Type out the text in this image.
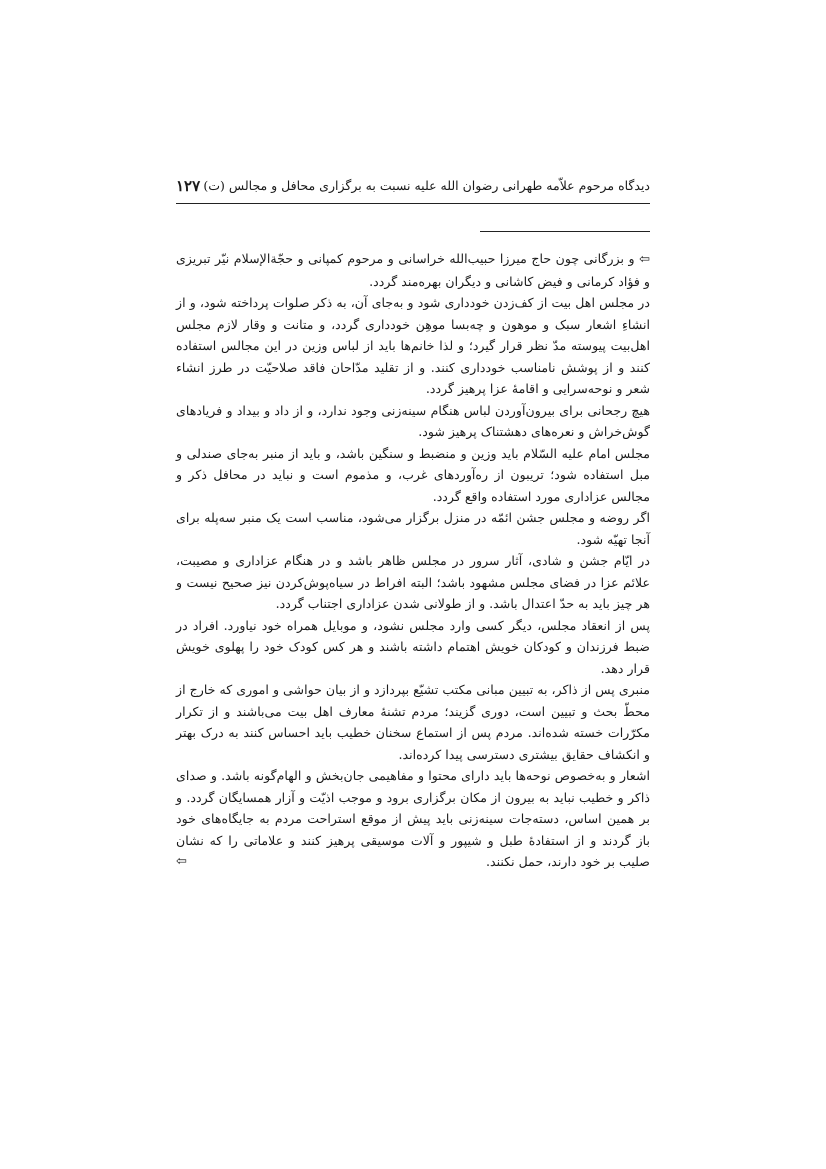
۱۲۷ دیدگاه مرحوم علاّمه طهرانی رضوان الله علیه نسبت به برگزاری محافل و مجالس (ت)

⇦ و بزرگانی چون حاج میرزا حبیب‌الله خراسانی و مرحوم کمپانی و حجّة‌الإسلام نیّر تبریزی و فؤاد کرمانی و فیض کاشانی و دیگران بهره‌مند گردد.

در مجلس اهل بیت از کف‌زدن خودداری شود و به‌جای آن، به ذکر صلوات پرداخته شود، و از انشاءِ اشعار سبک و موهون و چه‌بسا موهِن خودداری گردد، و متانت و وقار لازم مجلس اهل‌بیت پیوسته مدّ نظر قرار گیرد؛ و لذا خانم‌ها باید از لباس وزین در این مجالس استفاده کنند و از پوشش نامناسب خودداری کنند. و از تقلید مدّاحان فاقد صلاحیّت در طرز انشاء شعر و نوحه‌سرایی و اقامهٔ عزا پرهیز گردد.

هیچ رجحانی برای بیرون‌آوردن لباس هنگام سینه‌زنی وجود ندارد، و از داد و بیداد و فریادهای گوش‌خراش و نعره‌های دهشتناک پرهیز شود.

مجلس امام علیه السّلام باید وزین و منضبط و سنگین باشد، و باید از منبر به‌جای صندلی و مبل استفاده شود؛ تریبون از ره‌آوردهای غرب، و مذموم است و نباید در محافل ذکر و مجالس عزاداری مورد استفاده واقع گردد.

اگر روضه و مجلس جشن ائمّه در منزل برگزار می‌شود، مناسب است یک منبر سه‌پله برای آنجا تهیّه شود.

در ایّام جشن و شادی، آثار سرور در مجلس ظاهر باشد و در هنگام عزاداری و مصیبت، علائم عزا در فضای مجلس مشهود باشد؛ البته افراط در سیاه‌پوش‌کردن نیز صحیح نیست و هر چیز باید به حدّ اعتدال باشد. و از طولانی شدن عزاداری اجتناب گردد.

پس از انعقاد مجلس، دیگر کسی وارد مجلس نشود، و موبایل همراه خود نیاورد. افراد در ضبط فرزندان و کودکان خویش اهتمام داشته باشند و هر کس کودک خود را پهلوی خویش قرار دهد.

منبری پس از ذاکر، به تبیین مبانی مکتب تشیّع بپردازد و از بیان حواشی و اموری که خارج از محطّ بحث و تبیین است، دوری گزیند؛ مردم تشنهٔ معارف اهل بیت می‌باشند و از تکرار مکرّرات خسته شده‌اند. مردم پس از استماع سخنان خطیب باید احساس کنند به درک بهتر و انکشاف حقایق بیشتری دسترسی پیدا کرده‌اند.

اشعار و به‌خصوص نوحه‌ها باید دارای محتوا و مفاهیمی جان‌بخش و الهام‌گونه باشد. و صدای ذاکر و خطیب نباید به بیرون از مکان برگزاری برود و موجب اذیّت و آزار همسایگان گردد. و بر همین اساس، دسته‌جات سینه‌زنی باید پیش از موقع استراحت مردم به جایگاه‌های خود باز گردند و از استفادهٔ طبل و شیپور و آلات موسیقی پرهیز کنند و علاماتی را که نشان صلیب بر خود دارند، حمل نکنند.
⇦
